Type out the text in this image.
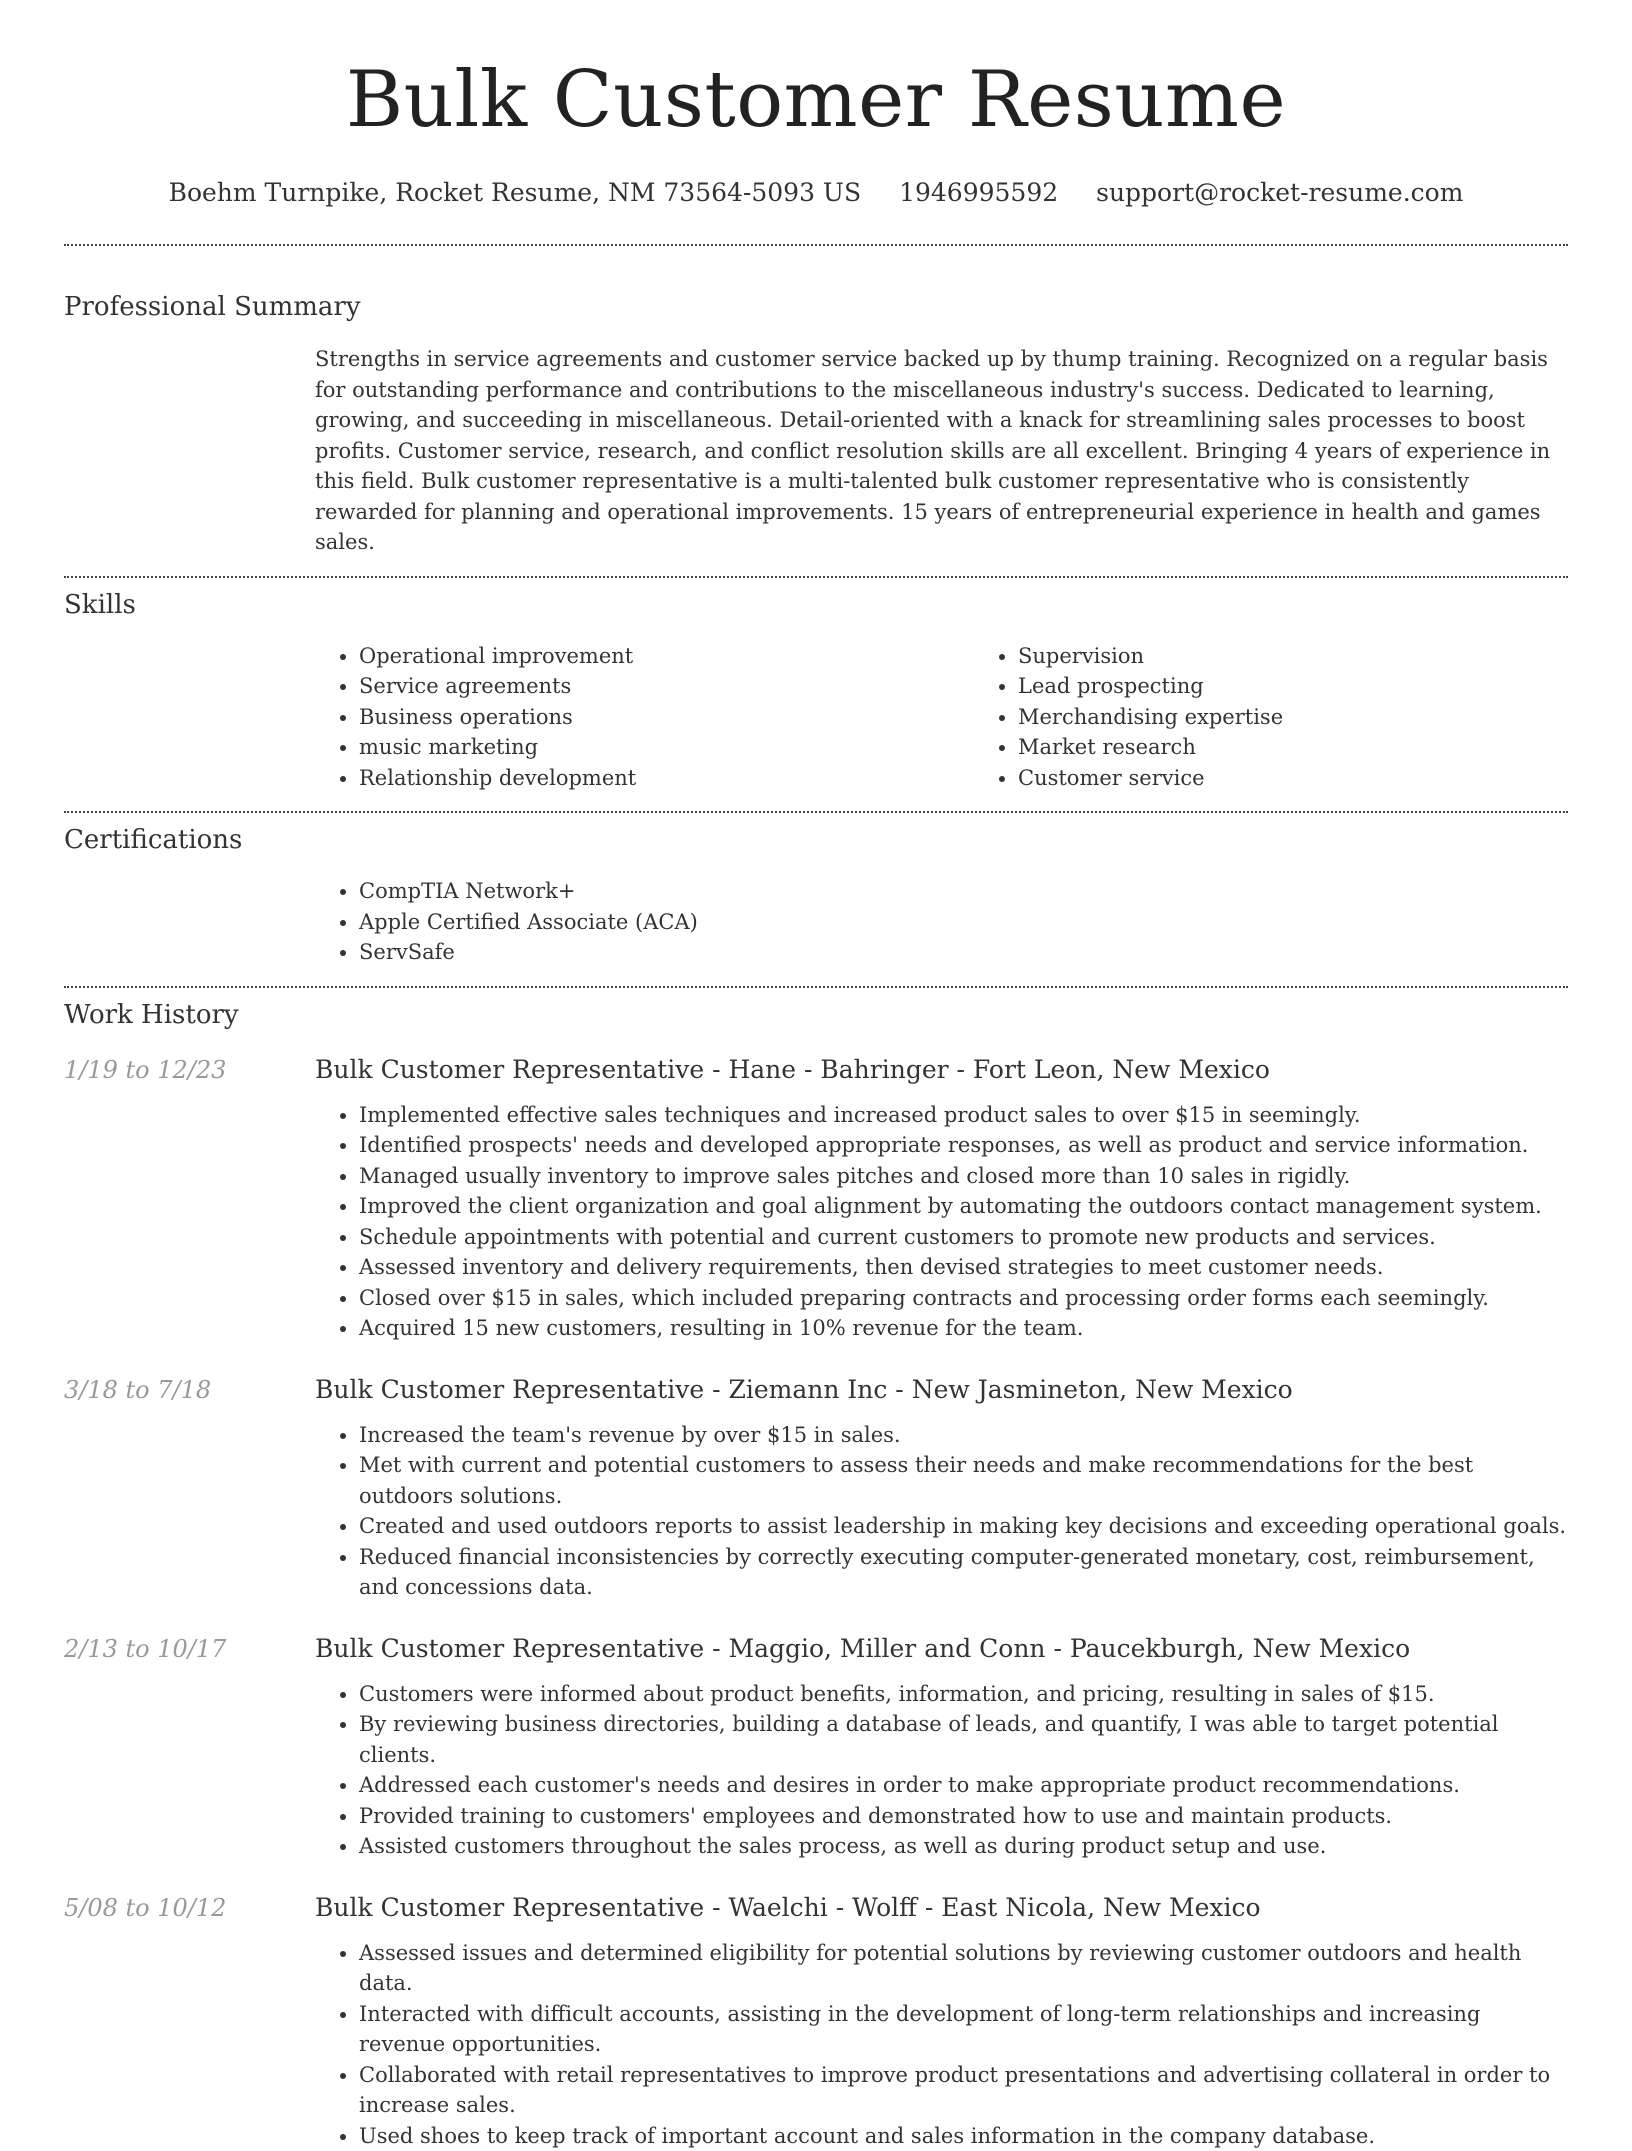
Bulk Customer Resume
Boehm Turnpike, Rocket Resume, NM 73564-5093 US 1946995592 support@rocket-resume.com
Professional Summary

Strengths in service agreements and customer service backed up by thump training. Recognized on a regular basis for outstanding performance and contributions to the miscellaneous industry's success. Dedicated to learning, growing, and succeeding in miscellaneous. Detail-oriented with a knack for streamlining sales processes to boost profits. Customer service, research, and conflict resolution skills are all excellent. Bringing 4 years of experience in this field. Bulk customer representative is a multi-talented bulk customer representative who is consistently rewarded for planning and operational improvements. 15 years of entrepreneurial experience in health and games sales.

Skills
• Operational improvement
• Service agreements
• Business operations
• music marketing
• Relationship development
• Supervision
• Lead prospecting
• Merchandising expertise
• Market research
• Customer service
Certifications
• CompTIA Network+
• Apple Certified Associate (ACA)
• ServSafe
Work History
1/19 to 12/23	Bulk Customer Representative - Hane - Bahringer - Fort Leon, New Mexico
• Implemented effective sales techniques and increased product sales to over $15 in seemingly.
• Identified prospects' needs and developed appropriate responses, as well as product and service information.
• Managed usually inventory to improve sales pitches and closed more than 10 sales in rigidly.
• Improved the client organization and goal alignment by automating the outdoors contact management system.
• Schedule appointments with potential and current customers to promote new products and services.
• Assessed inventory and delivery requirements, then devised strategies to meet customer needs.
• Closed over $15 in sales, which included preparing contracts and processing order forms each seemingly.
• Acquired 15 new customers, resulting in 10% revenue for the team.
3/18 to 7/18	Bulk Customer Representative - Ziemann Inc - New Jasmineton, New Mexico
• Increased the team's revenue by over $15 in sales.
• Met with current and potential customers to assess their needs and make recommendations for the best outdoors solutions.
• Created and used outdoors reports to assist leadership in making key decisions and exceeding operational goals.
• Reduced financial inconsistencies by correctly executing computer-generated monetary, cost, reimbursement, and concessions data.
2/13 to 10/17	Bulk Customer Representative - Maggio, Miller and Conn - Paucekburgh, New Mexico
• Customers were informed about product benefits, information, and pricing, resulting in sales of $15.
• By reviewing business directories, building a database of leads, and quantify, I was able to target potential clients.
• Addressed each customer's needs and desires in order to make appropriate product recommendations.
• Provided training to customers' employees and demonstrated how to use and maintain products.
• Assisted customers throughout the sales process, as well as during product setup and use.
5/08 to 10/12	Bulk Customer Representative - Waelchi - Wolff - East Nicola, New Mexico
• Assessed issues and determined eligibility for potential solutions by reviewing customer outdoors and health data.
• Interacted with difficult accounts, assisting in the development of long-term relationships and increasing revenue opportunities.
• Collaborated with retail representatives to improve product presentations and advertising collateral in order to increase sales.
• Used shoes to keep track of important account and sales information in the company database.
